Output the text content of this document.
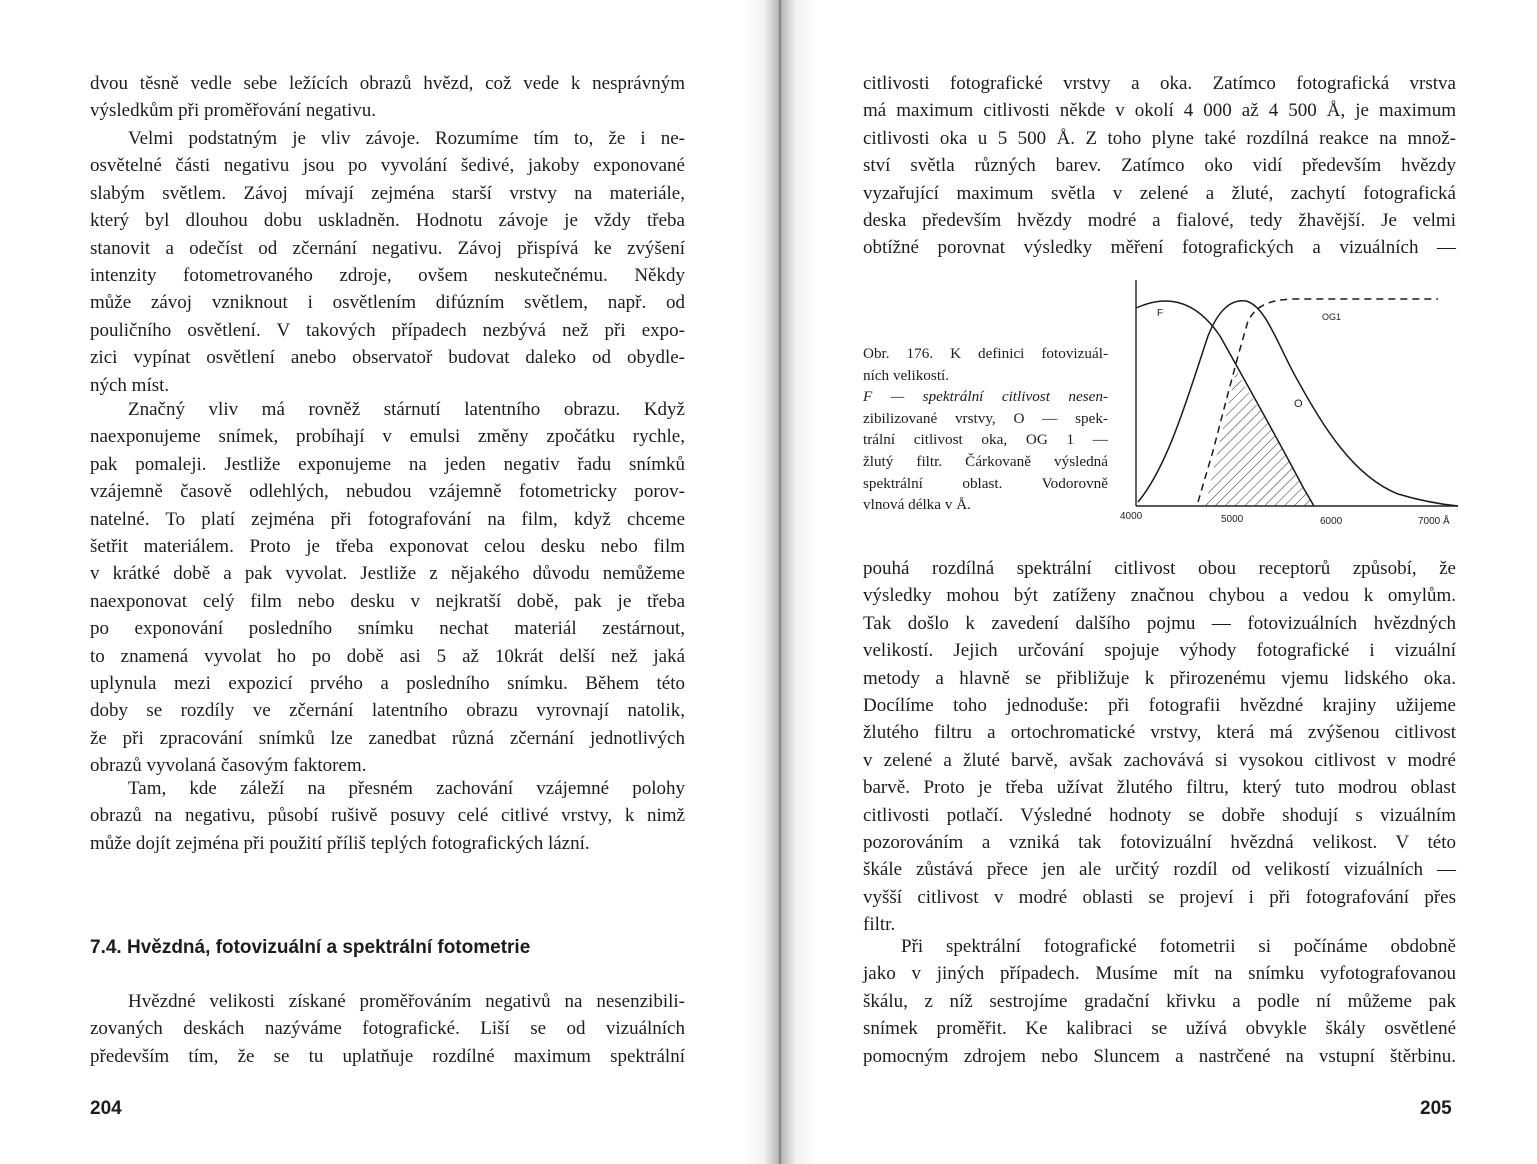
dvou těsně vedle sebe ležících obrazů hvězd, což vede k nesprávným
výsledkům při proměřování negativu.

Velmi podstatným je vliv závoje. Rozumíme tím to, že i ne-
osvětelné části negativu jsou po vyvolání šedivé, jakoby exponované
slabým světlem. Závoj mívají zejména starší vrstvy na materiále,
který byl dlouhou dobu uskladněn. Hodnotu závoje je vždy třeba
stanovit a odečíst od zčernání negativu. Závoj přispívá ke zvýšení
intenzity fotometrovaného zdroje, ovšem neskutečnému. Někdy
může závoj vzniknout i osvětlením difúzním světlem, např. od
pouličního osvětlení. V takových případech nezbývá než při expo-
zici vypínat osvětlení anebo observatoř budovat daleko od obydle-
ných míst.

Značný vliv má rovněž stárnutí latentního obrazu. Když
naexponujeme snímek, probíhají v emulsi změny zpočátku rychle,
pak pomaleji. Jestliže exponujeme na jeden negativ řadu snímků
vzájemně časově odlehlých, nebudou vzájemně fotometricky porov-
natelné. To platí zejména při fotografování na film, když chceme
šetřit materiálem. Proto je třeba exponovat celou desku nebo film
v krátké době a pak vyvolat. Jestliže z nějakého důvodu nemůžeme
naexponovat celý film nebo desku v nejkratší době, pak je třeba
po exponování posledního snímku nechat materiál zestárnout,
to znamená vyvolat ho po době asi 5 až 10krát delší než jaká
uplynula mezi expozicí prvého a posledního snímku. Během této
doby se rozdíly ve zčernání latentního obrazu vyrovnají natolik,
že při zpracování snímků lze zanedbat různá zčernání jednotlivých
obrazů vyvolaná časovým faktorem.

Tam, kde záleží na přesném zachování vzájemné polohy
obrazů na negativu, působí rušivě posuvy celé citlivé vrstvy, k nimž
může dojít zejména při použití příliš teplých fotografických lázní.

7.4. Hvězdná, fotovizuální a spektrální fotometrie

Hvězdné velikosti získané proměřováním negativů na nesenzibili-
zovaných deskách nazýváme fotografické. Liší se od vizuálních
především tím, že se tu uplatňuje rozdílné maximum spektrální

204

citlivosti fotografické vrstvy a oka. Zatímco fotografická vrstva
má maximum citlivosti někde v okolí 4 000 až 4 500 Å, je maximum
citlivosti oka u 5 500 Å. Z toho plyne také rozdílná reakce na množ-
ství světla různých barev. Zatímco oko vidí především hvězdy
vyzařující maximum světla v zelené a žluté, zachytí fotografická
deska především hvězdy modré a fialové, tedy žhavější. Je velmi
obtížné porovnat výsledky měření fotografických a vizuálních —

Obr. 176. K definici fotovizuál-
ních velikostí.
F — spektrální citlivost nesen-
zibilizované vrstvy, O — spek-
trální citlivost oka, OG 1 —
žlutý filtr. Čárkovaně výsledná
spektrální oblast. Vodorovně
vlnová délka v Å.

F
O
OG1
4000	5000	6000	7000 Å

pouhá rozdílná spektrální citlivost obou receptorů způsobí, že
výsledky mohou být zatíženy značnou chybou a vedou k omylům.
Tak došlo k zavedení dalšího pojmu — fotovizuálních hvězdných
velikostí. Jejich určování spojuje výhody fotografické i vizuální
metody a hlavně se přibližuje k přirozenému vjemu lidského oka.
Docílíme toho jednoduše: při fotografii hvězdné krajiny užijeme
žlutého filtru a ortochromatické vrstvy, která má zvýšenou citlivost
v zelené a žluté barvě, avšak zachovává si vysokou citlivost v modré
barvě. Proto je třeba užívat žlutého filtru, který tuto modrou oblast
citlivosti potlačí. Výsledné hodnoty se dobře shodují s vizuálním
pozorováním a vzniká tak fotovizuální hvězdná velikost. V této
škále zůstává přece jen ale určitý rozdíl od velikostí vizuálních —
vyšší citlivost v modré oblasti se projeví i při fotografování přes
filtr.

Při spektrální fotografické fotometrii si počínáme obdobně
jako v jiných případech. Musíme mít na snímku vyfotografovanou
škálu, z níž sestrojíme gradační křivku a podle ní můžeme pak
snímek proměřit. Ke kalibraci se užívá obvykle škály osvětlené
pomocným zdrojem nebo Sluncem a nastrčené na vstupní štěrbinu.

205
